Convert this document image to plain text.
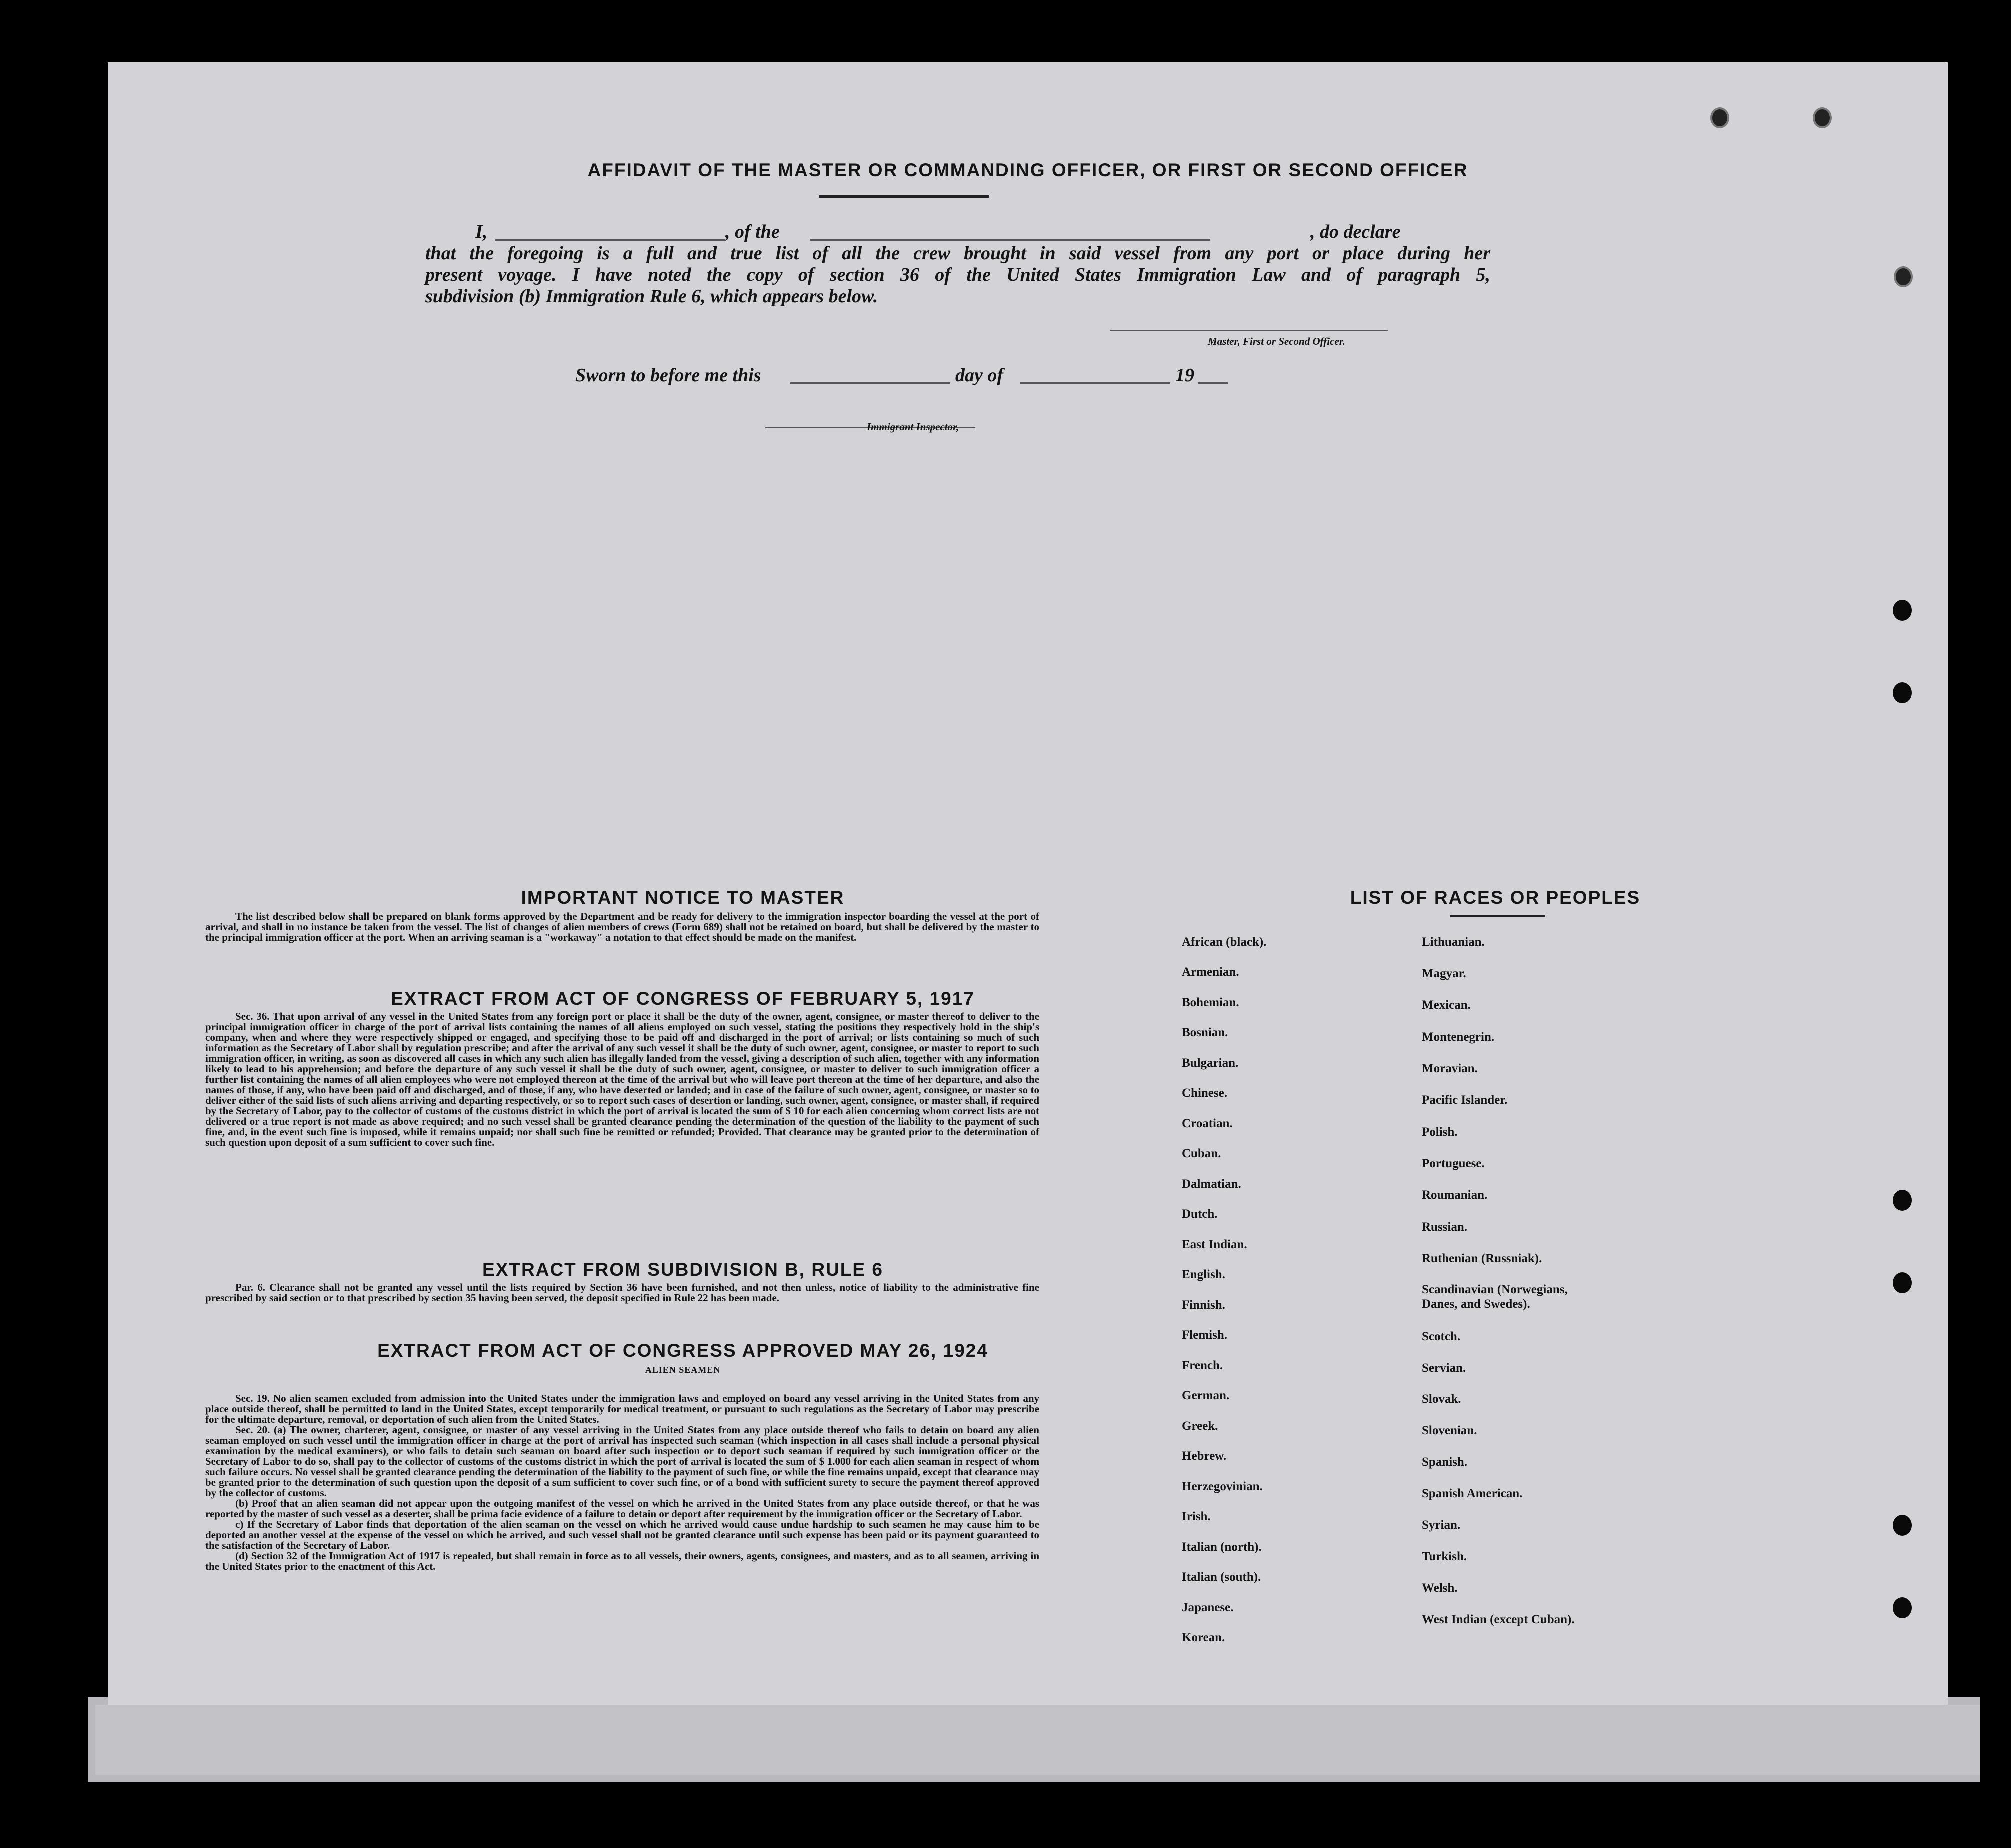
AFFIDAVIT OF THE MASTER OR COMMANDING OFFICER, OR FIRST OR SECOND OFFICER
I,	, of the	, do declare
that the foregoing is a full and true list of all the crew brought in said vessel from any port or place during her
present voyage. I have noted the copy of section 36 of the United States Immigration Law and of paragraph 5,
subdivision (b) Immigration Rule 6, which appears below.
Master, First or Second Officer.
Sworn to before me this	day of	19
Immigrant Inspector,
IMPORTANT NOTICE TO MASTER

The list described below shall be prepared on blank forms approved by the Department and be ready for delivery to the immigration inspector boarding the vessel at the port of arrival, and shall in no instance be taken from the vessel. The list of changes of alien members of crews (Form 689) shall not be retained on board, but shall be delivered by the master to the principal immigration officer at the port. When an arriving seaman is a "workaway" a notation to that effect should be made on the manifest.

EXTRACT FROM ACT OF CONGRESS OF FEBRUARY 5, 1917

Sec. 36. That upon arrival of any vessel in the United States from any foreign port or place it shall be the duty of the owner, agent, consignee, or master thereof to deliver to the principal immigration officer in charge of the port of arrival lists containing the names of all aliens employed on such vessel, stating the positions they respectively hold in the ship's company, when and where they were respectively shipped or engaged, and specifying those to be paid off and discharged in the port of arrival; or lists containing so much of such information as the Secretary of Labor shall by regulation prescribe; and after the arrival of any such vessel it shall be the duty of such owner, agent, consignee, or master to report to such immigration officer, in writing, as soon as discovered all cases in which any such alien has illegally landed from the vessel, giving a description of such alien, together with any information likely to lead to his apprehension; and before the departure of any such vessel it shall be the duty of such owner, agent, consignee, or master to deliver to such immigration officer a further list containing the names of all alien employees who were not employed thereon at the time of the arrival but who will leave port thereon at the time of her departure, and also the names of those, if any, who have been paid off and discharged, and of those, if any, who have deserted or landed; and in case of the failure of such owner, agent, consignee, or master so to deliver either of the said lists of such aliens arriving and departing respectively, or so to report such cases of desertion or landing, such owner, agent, consignee, or master shall, if required by the Secretary of Labor, pay to the collector of customs of the customs district in which the port of arrival is located the sum of $ 10 for each alien concerning whom correct lists are not delivered or a true report is not made as above required; and no such vessel shall be granted clearance pending the determination of the question of the liability to the payment of such fine, and, in the event such fine is imposed, while it remains unpaid; nor shall such fine be remitted or refunded; Provided. That clearance may be granted prior to the determination of such question upon deposit of a sum sufficient to cover such fine.

EXTRACT FROM SUBDIVISION B, RULE 6

Par. 6. Clearance shall not be granted any vessel until the lists required by Section 36 have been furnished, and not then unless, notice of liability to the administrative fine prescribed by said section or to that prescribed by section 35 having been served, the deposit specified in Rule 22 has been made.

EXTRACT FROM ACT OF CONGRESS APPROVED MAY 26, 1924
ALIEN SEAMEN

Sec. 19. No alien seamen excluded from admission into the United States under the immigration laws and employed on board any vessel arriving in the United States from any place outside thereof, shall be permitted to land in the United States, except temporarily for medical treatment, or pursuant to such regulations as the Secretary of Labor may prescribe for the ultimate departure, removal, or deportation of such alien from the United States.

Sec. 20. (a) The owner, charterer, agent, consignee, or master of any vessel arriving in the United States from any place outside thereof who fails to detain on board any alien seaman employed on such vessel until the immigration officer in charge at the port of arrival has inspected such seaman (which inspection in all cases shall include a personal physical examination by the medical examiners), or who fails to detain such seaman on board after such inspection or to deport such seaman if required by such immigration officer or the Secretary of Labor to do so, shall pay to the collector of customs of the customs district in which the port of arrival is located the sum of $ 1.000 for each alien seaman in respect of whom such failure occurs. No vessel shall be granted clearance pending the determination of the liability to the payment of such fine, or while the fine remains unpaid, except that clearance may be granted prior to the determination of such question upon the deposit of a sum sufficient to cover such fine, or of a bond with sufficient surety to secure the payment thereof approved by the collector of customs.

(b) Proof that an alien seaman did not appear upon the outgoing manifest of the vessel on which he arrived in the United States from any place outside thereof, or that he was reported by the master of such vessel as a deserter, shall be prima facie evidence of a failure to detain or deport after requirement by the immigration officer or the Secretary of Labor.

c) If the Secretary of Labor finds that deportation of the alien seaman on the vessel on which he arrived would cause undue hardship to such seamen he may cause him to be deported an another vessel at the expense of the vessel on which he arrived, and such vessel shall not be granted clearance until such expense has been paid or its payment guaranteed to the satisfaction of the Secretary of Labor.

(d) Section 32 of the Immigration Act of 1917 is repealed, but shall remain in force as to all vessels, their owners, agents, consignees, and masters, and as to all seamen, arriving in the United States prior to the enactment of this Act.

LIST OF RACES OR PEOPLES
African (black).
Armenian.
Bohemian.
Bosnian.
Bulgarian.
Chinese.
Croatian.
Cuban.
Dalmatian.
Dutch.
East Indian.
English.
Finnish.
Flemish.
French.
German.
Greek.
Hebrew.
Herzegovinian.
Irish.
Italian (north).
Italian (south).
Japanese.
Korean.
Lithuanian.
Magyar.
Mexican.
Montenegrin.
Moravian.
Pacific Islander.
Polish.
Portuguese.
Roumanian.
Russian.
Ruthenian (Russniak).
Scandinavian (Norwegians, Danes, and Swedes).
Scotch.
Servian.
Slovak.
Slovenian.
Spanish.
Spanish American.
Syrian.
Turkish.
Welsh.
West Indian (except Cuban).
